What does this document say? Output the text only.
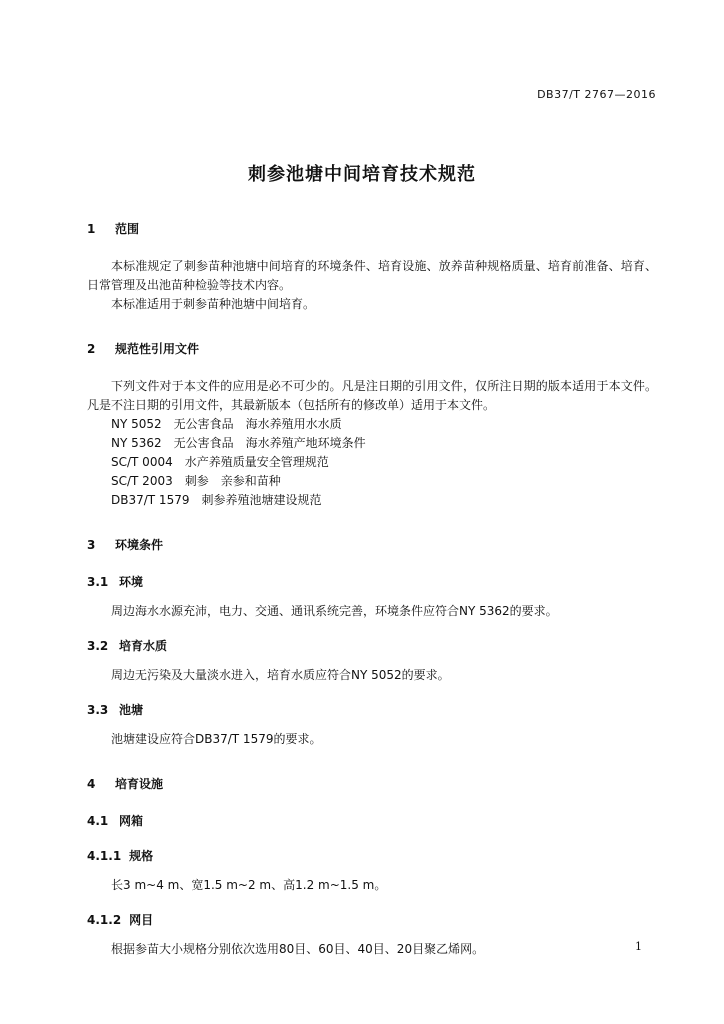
DB37/T 2767—2016
刺参池塘中间培育技术规范
1 范围
本标准规定了刺参苗种池塘中间培育的环境条件、培育设施、放养苗种规格质量、培育前准备、培育、日常管理及出池苗种检验等技术内容。
本标准适用于刺参苗种池塘中间培育。
2 规范性引用文件
下列文件对于本文件的应用是必不可少的。凡是注日期的引用文件，仅所注日期的版本适用于本文件。凡是不注日期的引用文件，其最新版本（包括所有的修改单）适用于本文件。
NY 5052　无公害食品　海水养殖用水水质
NY 5362　无公害食品　海水养殖产地环境条件
SC/T 0004　水产养殖质量安全管理规范
SC/T 2003　刺参　亲参和苗种
DB37/T 1579　刺参养殖池塘建设规范
3 环境条件
3.1 环境
周边海水水源充沛，电力、交通、通讯系统完善，环境条件应符合NY 5362的要求。
3.2 培育水质
周边无污染及大量淡水进入，培育水质应符合NY 5052的要求。
3.3 池塘
池塘建设应符合DB37/T 1579的要求。
4 培育设施
4.1 网箱
4.1.1 规格
长3 m~4 m、宽1.5 m~2 m、高1.2 m~1.5 m。
4.1.2 网目
根据参苗大小规格分别依次选用80目、60目、40目、20目聚乙烯网。	1
